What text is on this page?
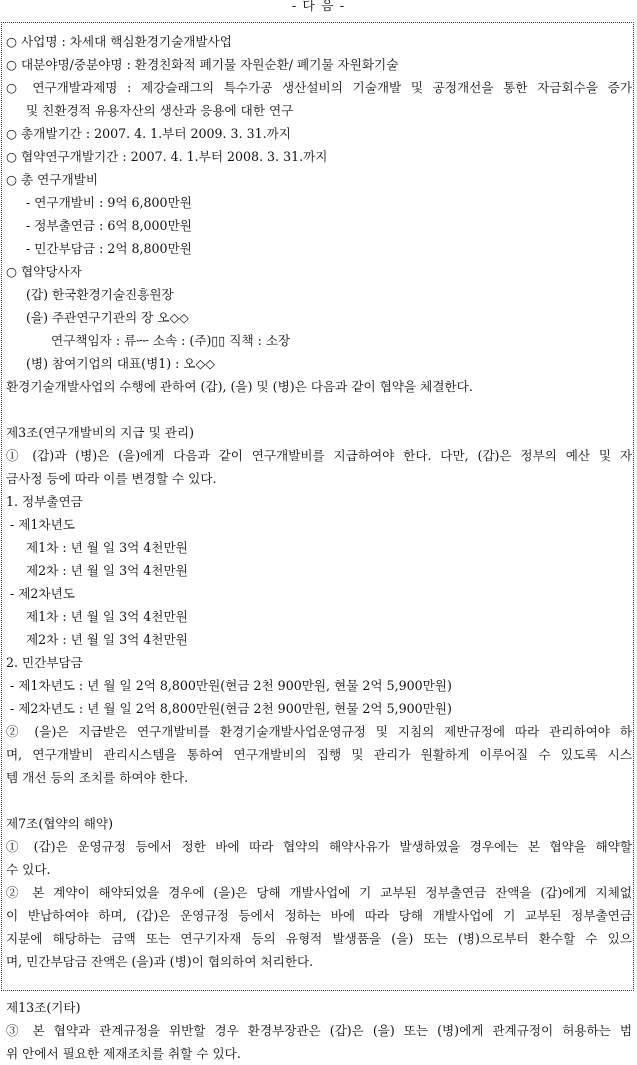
- 다 음 -
○ 사업명 : 차세대 핵심환경기술개발사업
○ 대분야명/중분야명 : 환경친화적 폐기물 자원순환/ 폐기물 자원화기술
○ 연구개발과제명 : 제강슬래그의 특수가공 생산설비의 기술개발 및 공정개선을 통한 자금회수을 증가
및 친환경적 유용자산의 생산과 응용에 대한 연구
○ 총개발기간 : 2007. 4. 1.부터 2009. 3. 31.까지
○ 협약연구개발기간 : 2007. 4. 1.부터 2008. 3. 31.까지
○ 총 연구개발비
- 연구개발비 : 9억 6,800만원
- 정부출연금 : 6억 8,000만원
- 민간부담금 : 2억 8,800만원
○ 협약당사자
(갑) 한국환경기술진흥원장
(을) 주관연구기관의 장 오◇◇
연구책임자 : 류ｰｰ 소속 : (주)▯▯ 직책 : 소장
(병) 참여기업의 대표(병1) : 오◇◇
환경기술개발사업의 수행에 관하여 (갑), (을) 및 (병)은 다음과 같이 협약을 체결한다.
제3조(연구개발비의 지급 및 관리)
① (갑)과 (병)은 (을)에게 다음과 같이 연구개발비를 지급하여야 한다. 다만, (갑)은 정부의 예산 및 자
금사정 등에 따라 이를 변경할 수 있다.
1. 정부출연금
- 제1차년도
제1차 : 년 월 일 3억 4천만원
제2차 : 년 월 일 3억 4천만원
- 제2차년도
제1차 : 년 월 일 3억 4천만원
제2차 : 년 월 일 3억 4천만원
2. 민간부담금
- 제1차년도 : 년 월 일 2억 8,800만원(현금 2천 900만원, 현물 2억 5,900만원)
- 제2차년도 : 년 월 일 2억 8,800만원(현금 2천 900만원, 현물 2억 5,900만원)
② (을)은 지급받은 연구개발비를 환경기술개발사업운영규정 및 지침의 제반규정에 따라 관리하여야 하
며, 연구개발비 관리시스템을 통하여 연구개발비의 집행 및 관리가 원활하게 이루어질 수 있도록 시스
템 개선 등의 조치를 하여야 한다.
제7조(협약의 해약)
① (갑)은 운영규정 등에서 정한 바에 따라 협약의 해약사유가 발생하였을 경우에는 본 협약을 해약할
수 있다.
② 본 계약이 해약되었을 경우에 (을)은 당해 개발사업에 기 교부된 정부출연금 잔액을 (갑)에게 지체없
이 반납하여야 하며, (갑)은 운영규정 등에서 정하는 바에 따라 당해 개발사업에 기 교부된 정부출연금
지분에 해당하는 금액 또는 연구기자재 등의 유형적 발생품을 (을) 또는 (병)으로부터 환수할 수 있으
며, 민간부담금 잔액은 (을)과 (병)이 협의하여 처리한다.
제13조(기타)
③ 본 협약과 관계규정을 위반할 경우 환경부장관은 (갑)은 (을) 또는 (병)에게 관계규정이 허용하는 범
위 안에서 필요한 제재조치를 취할 수 있다.
